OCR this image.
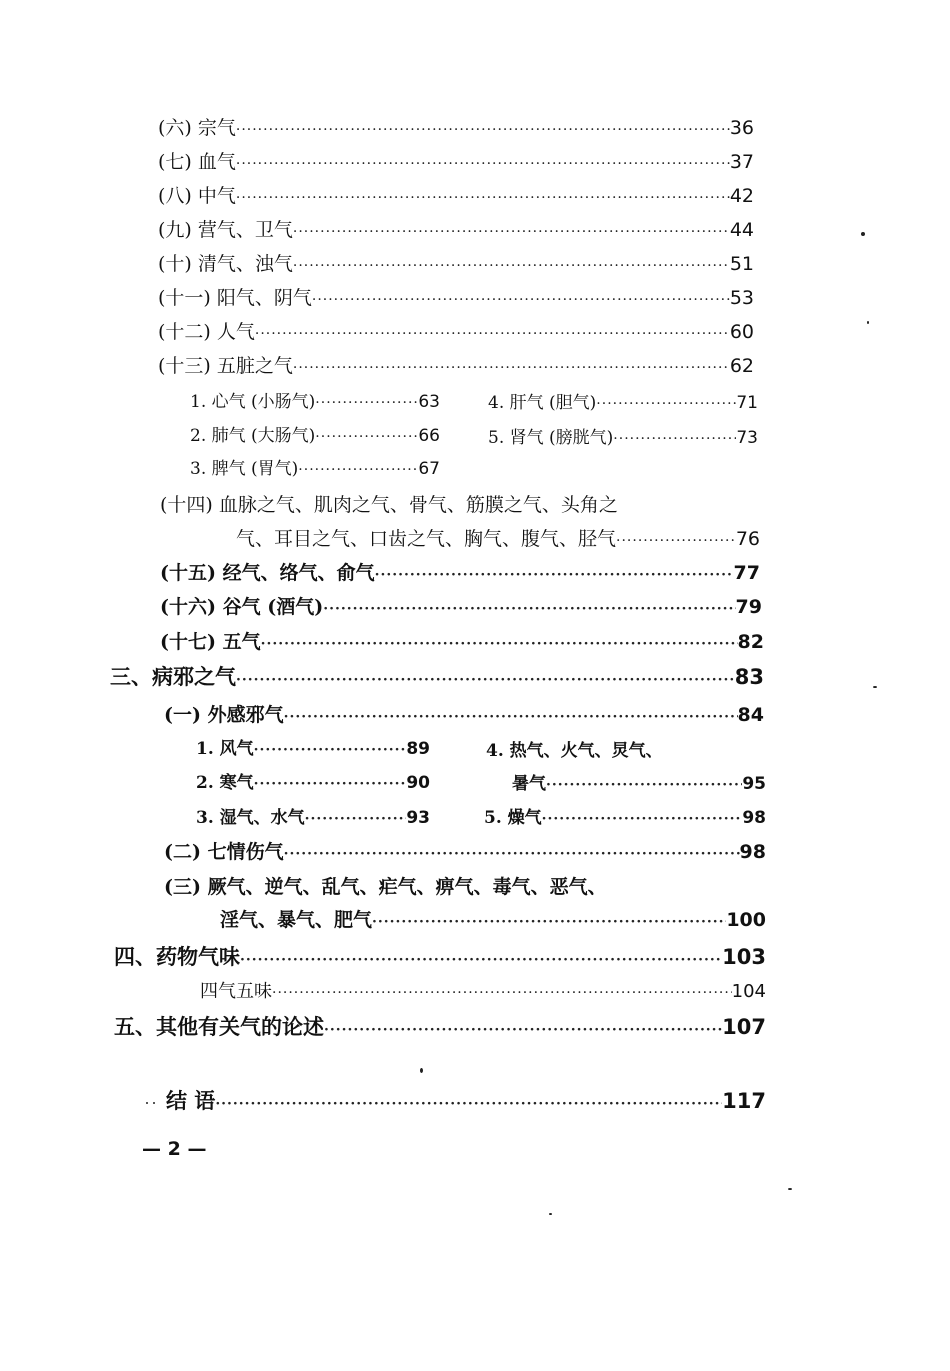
(六) 宗气 ·····	36
(七) 血气 ·····	37
(八) 中气 ·····	42
(九) 营气、卫气 ·····	44
(十) 清气、浊气 ·····	51
(十一) 阳气、阴气 ·····	53
(十二) 人气 ·····	60
(十三) 五脏之气 ·····	62
1. 心气 (小肠气) ·····	63
2. 肺气 (大肠气) ·····	66
3. 脾气 (胃气) ·····	67
4. 肝气 (胆气) ·····	71
5. 肾气 (膀胱气) ·····	73
(十四) 血脉之气、肌肉之气、骨气、筋膜之气、头角之
气、耳目之气、口齿之气、胸气、腹气、胫气 ·····	76
(十五) 经气、络气、俞气 ·····	77
(十六) 谷气 (酒气) ·····	79
(十七) 五气 ·····	82
三、病邪之气 ·····	83
(一) 外感邪气 ·····	84
1. 风气 ·····	89
2. 寒气 ·····	90
3. 湿气、水气 ·····	93
4. 热气、火气、炅气、
暑气 ·····	95
5. 燥气 ·····	98
(二) 七情伤气 ·····	98
(三) 厥气、逆气、乱气、疟气、痹气、毒气、恶气、
淫气、暴气、肥气 ·····	100
四、药物气味 ·····	103
四气五味 ·····	104
五、其他有关气的论述 ·····	107
结 语 ·····	117
— 2 —
